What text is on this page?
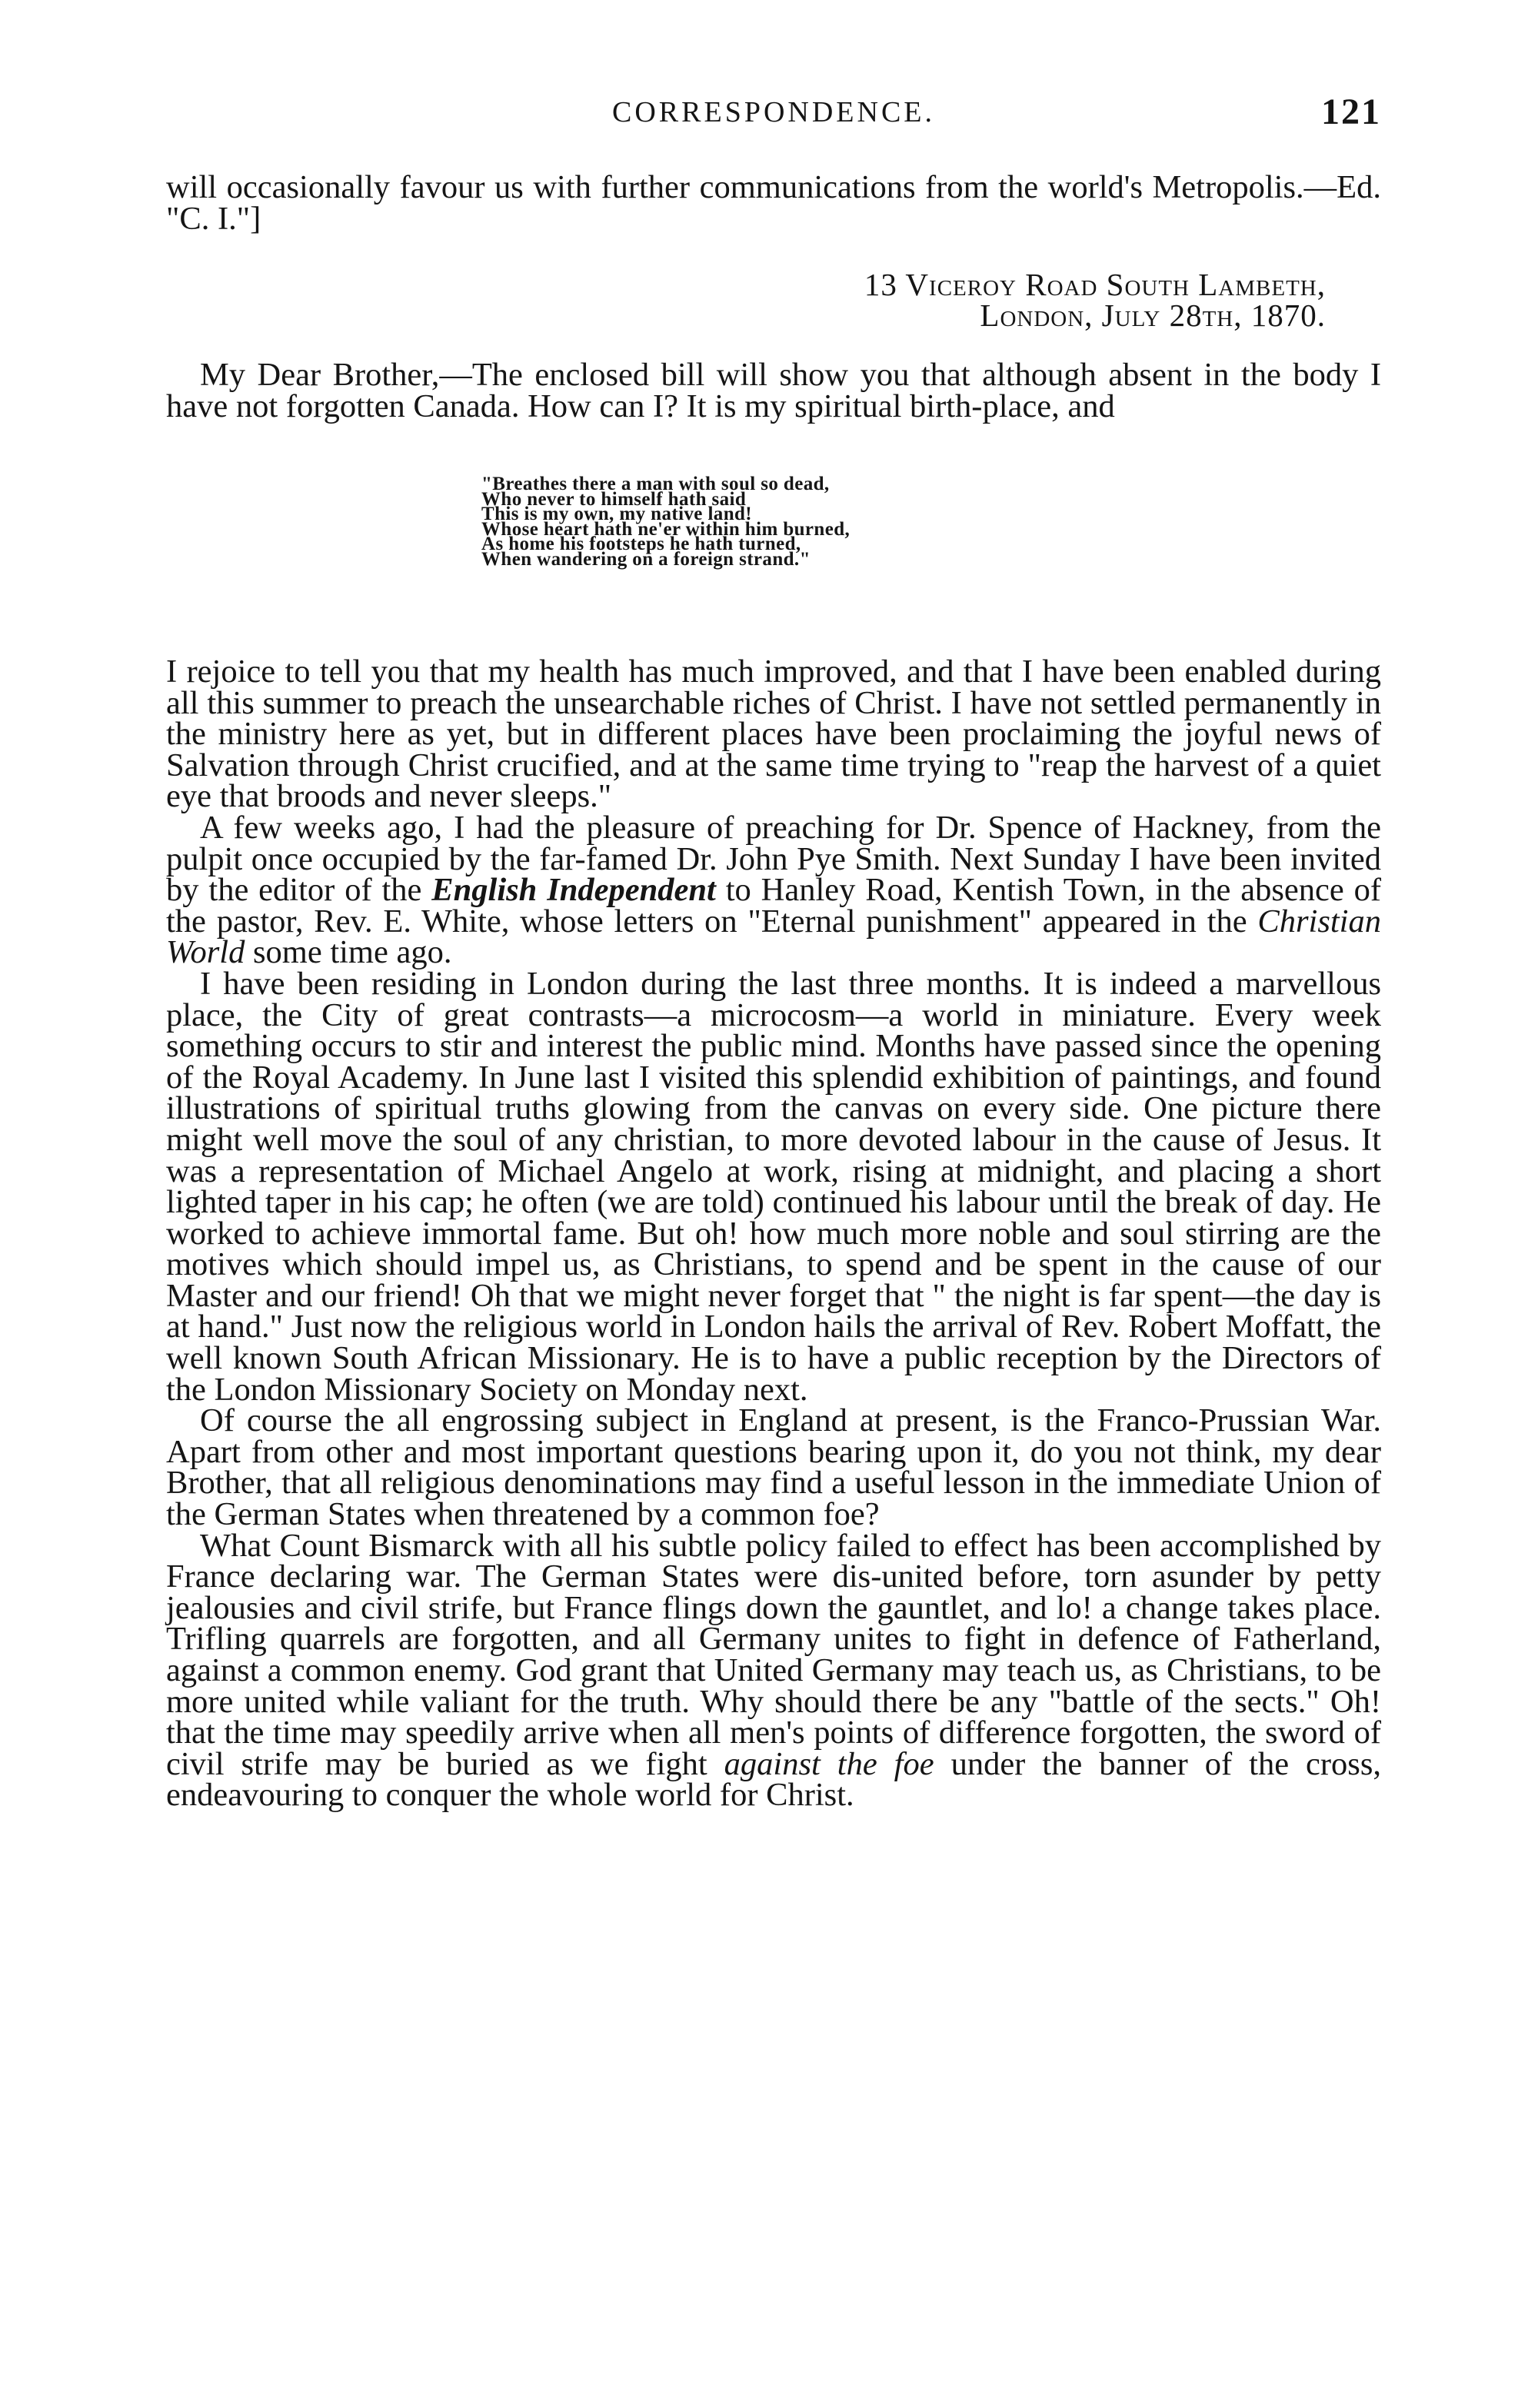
CORRESPONDENCE.	121

will occasionally favour us with further communications from the world's Metropolis.—Ed. "C. I."]

13 Viceroy Road South Lambeth,
London, July 28th, 1870.

My Dear Brother,—The enclosed bill will show you that although absent in the body I have not forgotten Canada. How can I? It is my spiritual birth-place, and

"Breathes there a man with soul so dead,
Who never to himself hath said
This is my own, my native land!
Whose heart hath ne'er within him burned,
As home his footsteps he hath turned,
When wandering on a foreign strand."

I rejoice to tell you that my health has much improved, and that I have been enabled during all this summer to preach the unsearchable riches of Christ. I have not settled permanently in the ministry here as yet, but in different places have been proclaiming the joyful news of Salvation through Christ crucified, and at the same time trying to "reap the harvest of a quiet eye that broods and never sleeps."

A few weeks ago, I had the pleasure of preaching for Dr. Spence of Hackney, from the pulpit once occupied by the far-famed Dr. John Pye Smith. Next Sunday I have been invited by the editor of the English Independent to Hanley Road, Kentish Town, in the absence of the pastor, Rev. E. White, whose letters on "Eternal punishment" appeared in the Christian World some time ago.

I have been residing in London during the last three months. It is indeed a marvellous place, the City of great contrasts—a microcosm—a world in miniature. Every week something occurs to stir and interest the public mind. Months have passed since the opening of the Royal Academy. In June last I visited this splendid exhibition of paintings, and found illustrations of spiritual truths glowing from the canvas on every side. One picture there might well move the soul of any christian, to more devoted labour in the cause of Jesus. It was a representation of Michael Angelo at work, rising at midnight, and placing a short lighted taper in his cap; he often (we are told) continued his labour until the break of day. He worked to achieve immortal fame. But oh! how much more noble and soul stirring are the motives which should impel us, as Christians, to spend and be spent in the cause of our Master and our friend! Oh that we might never forget that " the night is far spent—the day is at hand." Just now the religious world in London hails the arrival of Rev. Robert Moffatt, the well known South African Missionary. He is to have a public reception by the Directors of the London Missionary Society on Monday next.

Of course the all engrossing subject in England at present, is the Franco-Prussian War. Apart from other and most important questions bearing upon it, do you not think, my dear Brother, that all religious denominations may find a useful lesson in the immediate Union of the German States when threatened by a common foe?

What Count Bismarck with all his subtle policy failed to effect has been accomplished by France declaring war. The German States were dis-united before, torn asunder by petty jealousies and civil strife, but France flings down the gauntlet, and lo! a change takes place. Trifling quarrels are forgotten, and all Germany unites to fight in defence of Fatherland, against a common enemy. God grant that United Germany may teach us, as Christians, to be more united while valiant for the truth. Why should there be any "battle of the sects." Oh! that the time may speedily arrive when all men's points of difference forgotten, the sword of civil strife may be buried as we fight against the foe under the banner of the cross, endeavouring to conquer the whole world for Christ.
